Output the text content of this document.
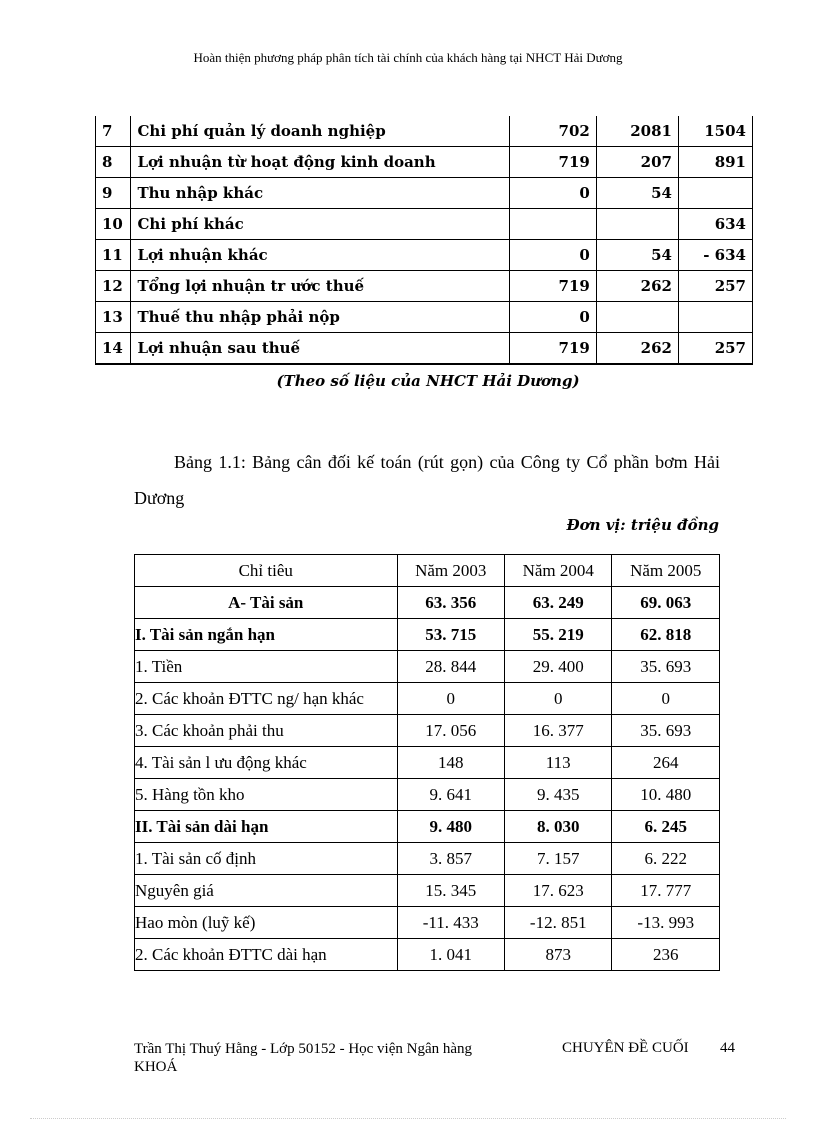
Hoàn thiện phương pháp phân tích tài chính của khách hàng tại NHCT Hải Dương
7	Chi phí quản lý doanh nghiệp	702	2081	1504
8	Lợi nhuận từ hoạt động kinh doanh	719	207	891
9	Thu nhập khác	0	54	
10	Chi phí khác			634
11	Lợi nhuận khác	0	54	- 634
12	Tổng lợi nhuận tr ước thuế	719	262	257
13	Thuế thu nhập phải nộp	0		
14	Lợi nhuận sau thuế	719	262	257
(Theo số liệu của NHCT Hải Dương)
Bảng 1.1: Bảng cân đối kế toán (rút gọn) của Công ty Cổ phần bơm Hải Dương
Đơn vị: triệu đồng
Chỉ tiêu	Năm 2003	Năm 2004	Năm 2005
A- Tài sản	63. 356	63. 249	69. 063
I. Tài sản ngắn hạn	53. 715	55. 219	62. 818
1. Tiền	28. 844	29. 400	35. 693
2. Các khoản ĐTTC ng/ hạn khác	0	0	0
3. Các khoản phải thu	17. 056	16. 377	35. 693
4. Tài sản l ưu động khác	148	113	264
5. Hàng tồn kho	9. 641	9. 435	10. 480
II. Tài sản dài hạn	9. 480	8. 030	6. 245
1. Tài sản cố định	3. 857	7. 157	6. 222
Nguyên giá	15. 345	17. 623	17. 777
Hao mòn (luỹ kế)	-11. 433	-12. 851	-13. 993
2. Các khoản ĐTTC dài hạn	1. 041	873	236
Trần Thị Thuý Hằng - Lớp 50152 - Học viện Ngân hàng
KHOÁ
CHUYÊN ĐỀ CUỐI 44
